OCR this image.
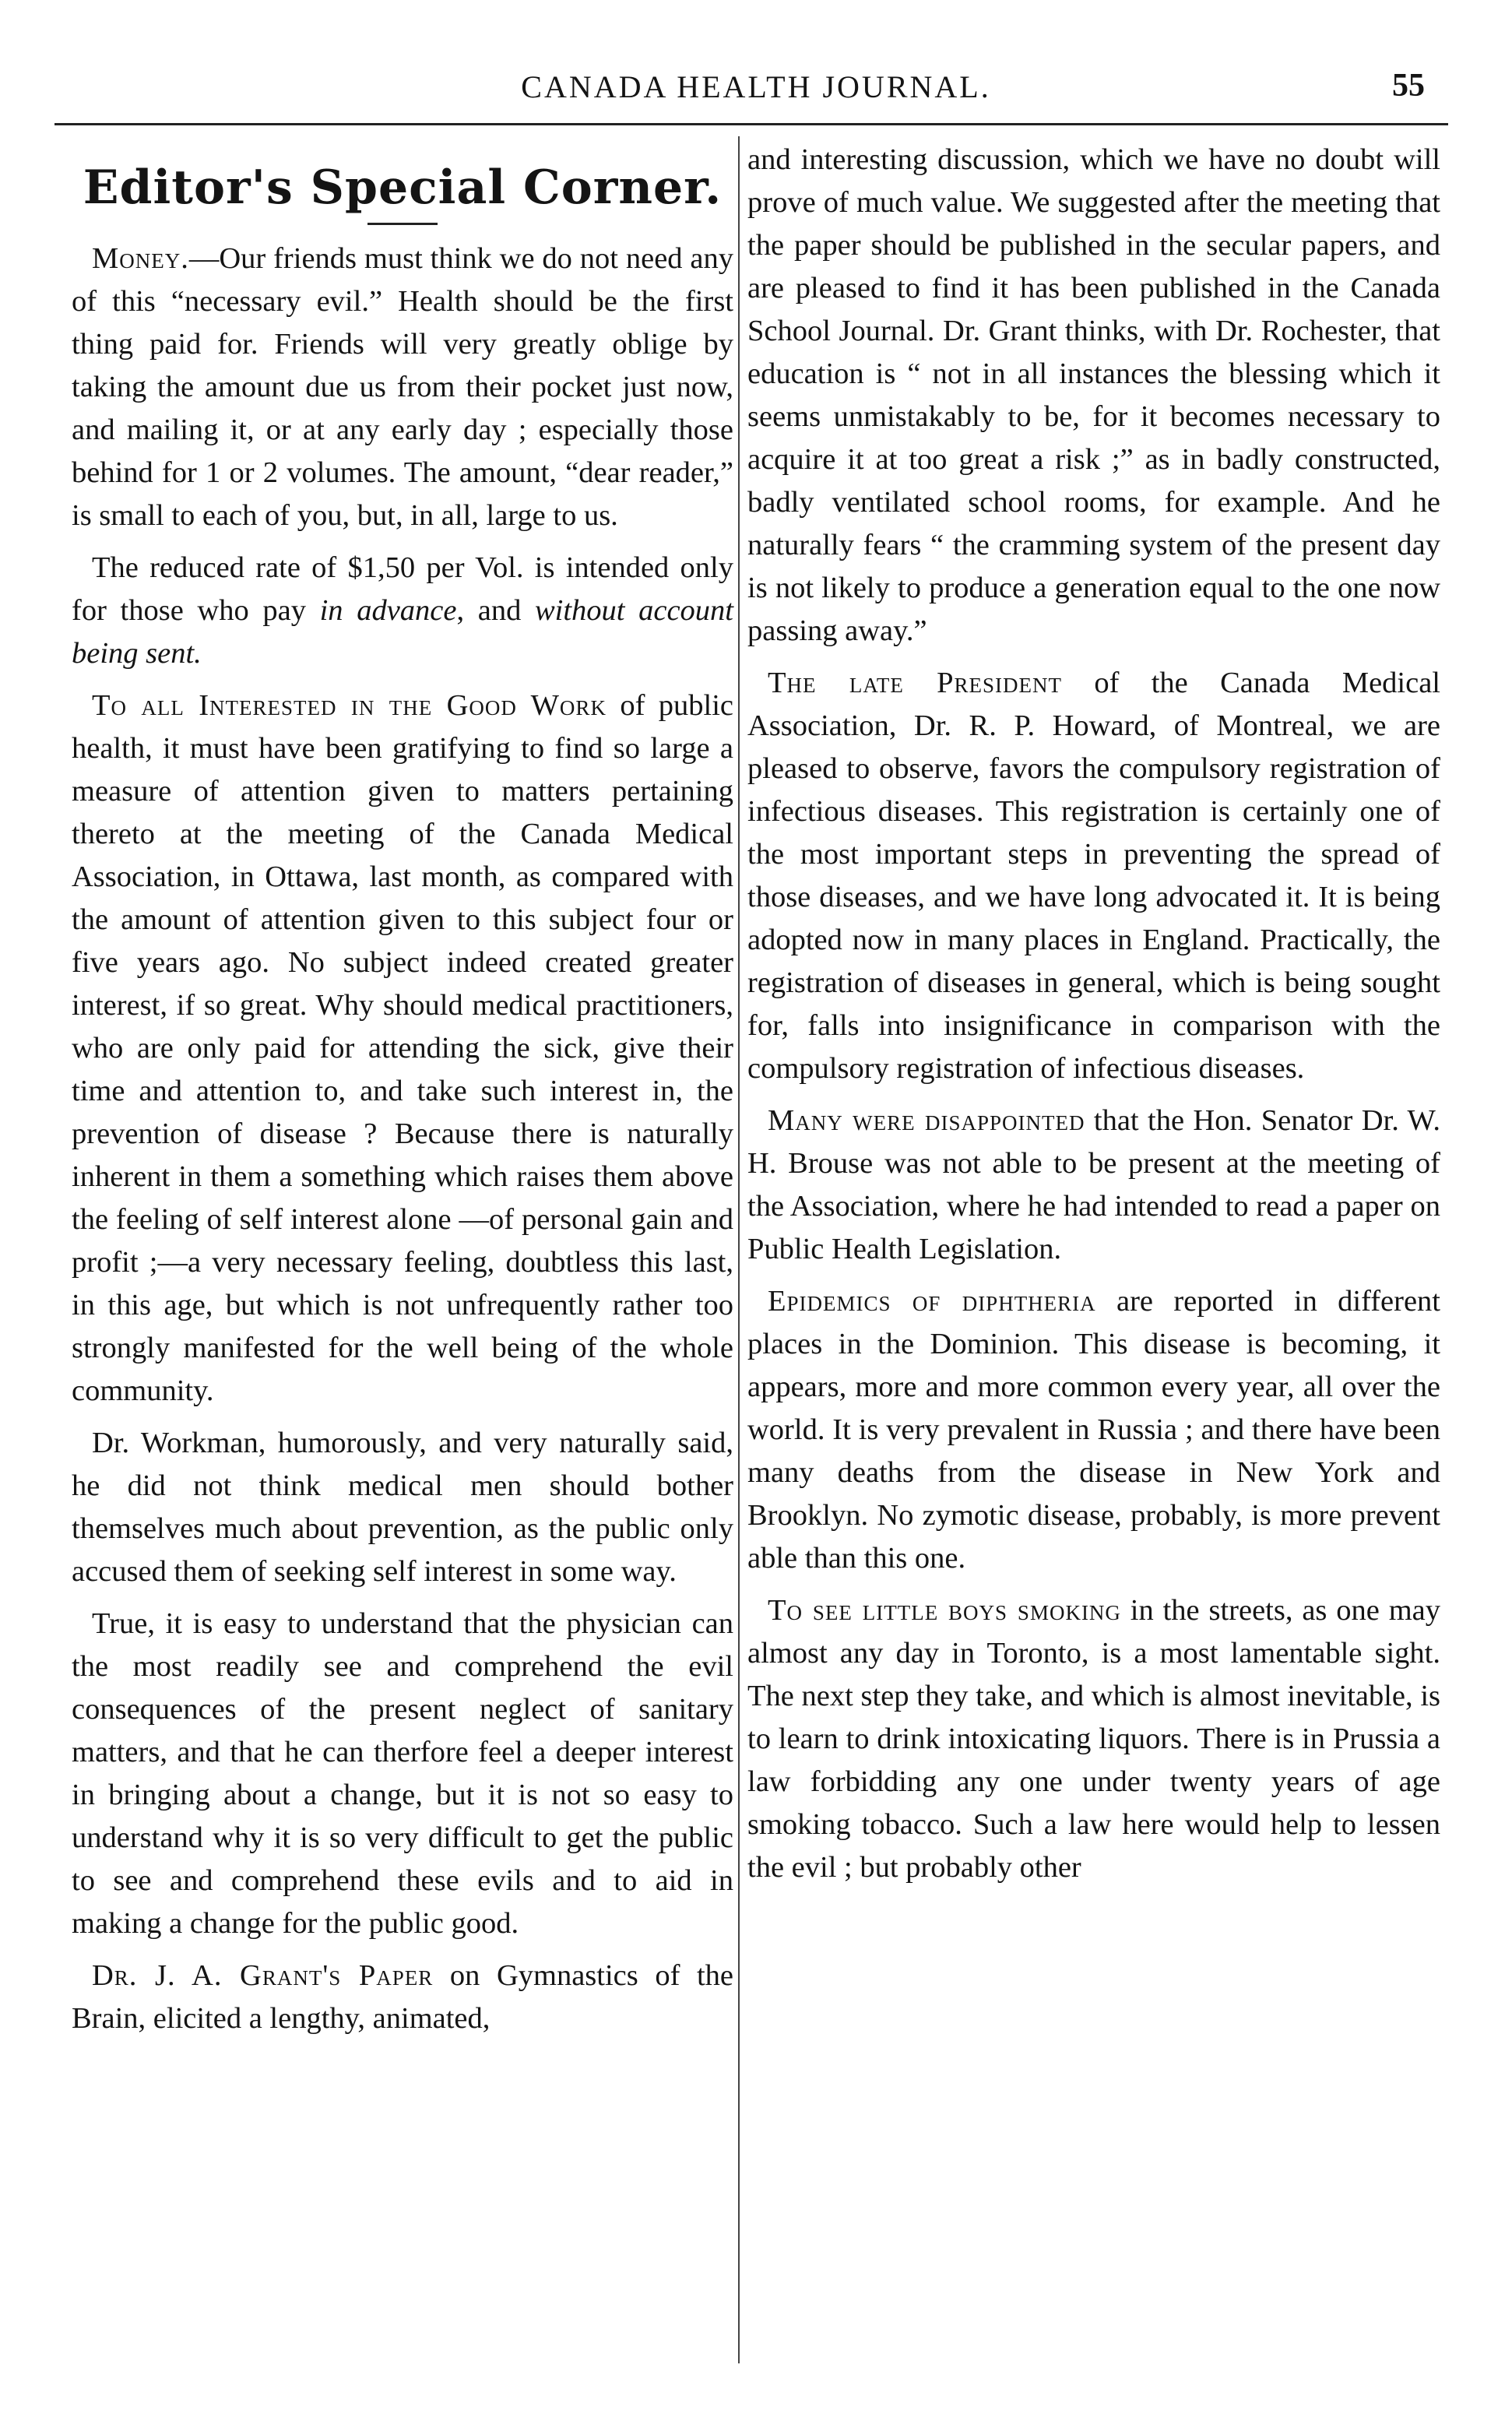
CANADA HEALTH JOURNAL.	55
Editor's Special Corner.

Money.—Our friends must think we do not need any of this “necessary evil.” Health should be the first thing paid for. Friends will very greatly oblige by taking the amount due us from their pocket just now, and mailing it, or at any early day ; especially those behind for 1 or 2 volumes. The amount, “dear reader,” is small to each of you, but, in all, large to us.

The reduced rate of $1,50 per Vol. is intended only for those who pay in advance, and without account being sent.

To all Interested in the Good Work of public health, it must have been gratifying to find so large a measure of attention given to matters pertaining thereto at the meeting of the Canada Medical Association, in Ottawa, last month, as compared with the amount of attention given to this subject four or five years ago. No subject indeed created greater interest, if so great. Why should medical practitioners, who are only paid for attending the sick, give their time and attention to, and take such interest in, the prevention of disease ? Because there is naturally inherent in them a something which raises them above the feeling of self interest alone —of personal gain and profit ;—a very necessary feeling, doubtless this last, in this age, but which is not unfrequently rather too strongly manifested for the well being of the whole community.

Dr. Workman, humorously, and very naturally said, he did not think medical men should bother themselves much about prevention, as the public only accused them of seeking self interest in some way.

True, it is easy to understand that the physician can the most readily see and comprehend the evil consequences of the present neglect of sanitary matters, and that he can therfore feel a deeper interest in bringing about a change, but it is not so easy to understand why it is so very difficult to get the public to see and comprehend these evils and to aid in making a change for the public good.

Dr. J. A. Grant's Paper on Gymnastics of the Brain, elicited a lengthy, animated,

and interesting discussion, which we have no doubt will prove of much value. We suggested after the meeting that the paper should be published in the secular papers, and are pleased to find it has been published in the Canada School Journal. Dr. Grant thinks, with Dr. Rochester, that education is “ not in all instances the blessing which it seems unmistakably to be, for it becomes necessary to acquire it at too great a risk ;” as in badly constructed, badly ventilated school rooms, for example. And he naturally fears “ the cramming system of the present day is not likely to produce a generation equal to the one now passing away.”

The late President of the Canada Medical Association, Dr. R. P. Howard, of Montreal, we are pleased to observe, favors the compulsory registration of infectious diseases. This registration is certainly one of the most important steps in preventing the spread of those diseases, and we have long advocated it. It is being adopted now in many places in England. Practically, the registration of diseases in general, which is being sought for, falls into insignificance in comparison with the compulsory registration of infectious diseases.

Many were disappointed that the Hon. Senator Dr. W. H. Brouse was not able to be present at the meeting of the Association, where he had intended to read a paper on Public Health Legislation.

Epidemics of diphtheria are reported in different places in the Dominion. This disease is becoming, it appears, more and more common every year, all over the world. It is very prevalent in Russia ; and there have been many deaths from the disease in New York and Brooklyn. No zymotic disease, probably, is more prevent able than this one.

To see little boys smoking in the streets, as one may almost any day in Toronto, is a most lamentable sight. The next step they take, and which is almost inevitable, is to learn to drink intoxicating liquors. There is in Prussia a law forbidding any one under twenty years of age smoking tobacco. Such a law here would help to lessen the evil ; but probably other
